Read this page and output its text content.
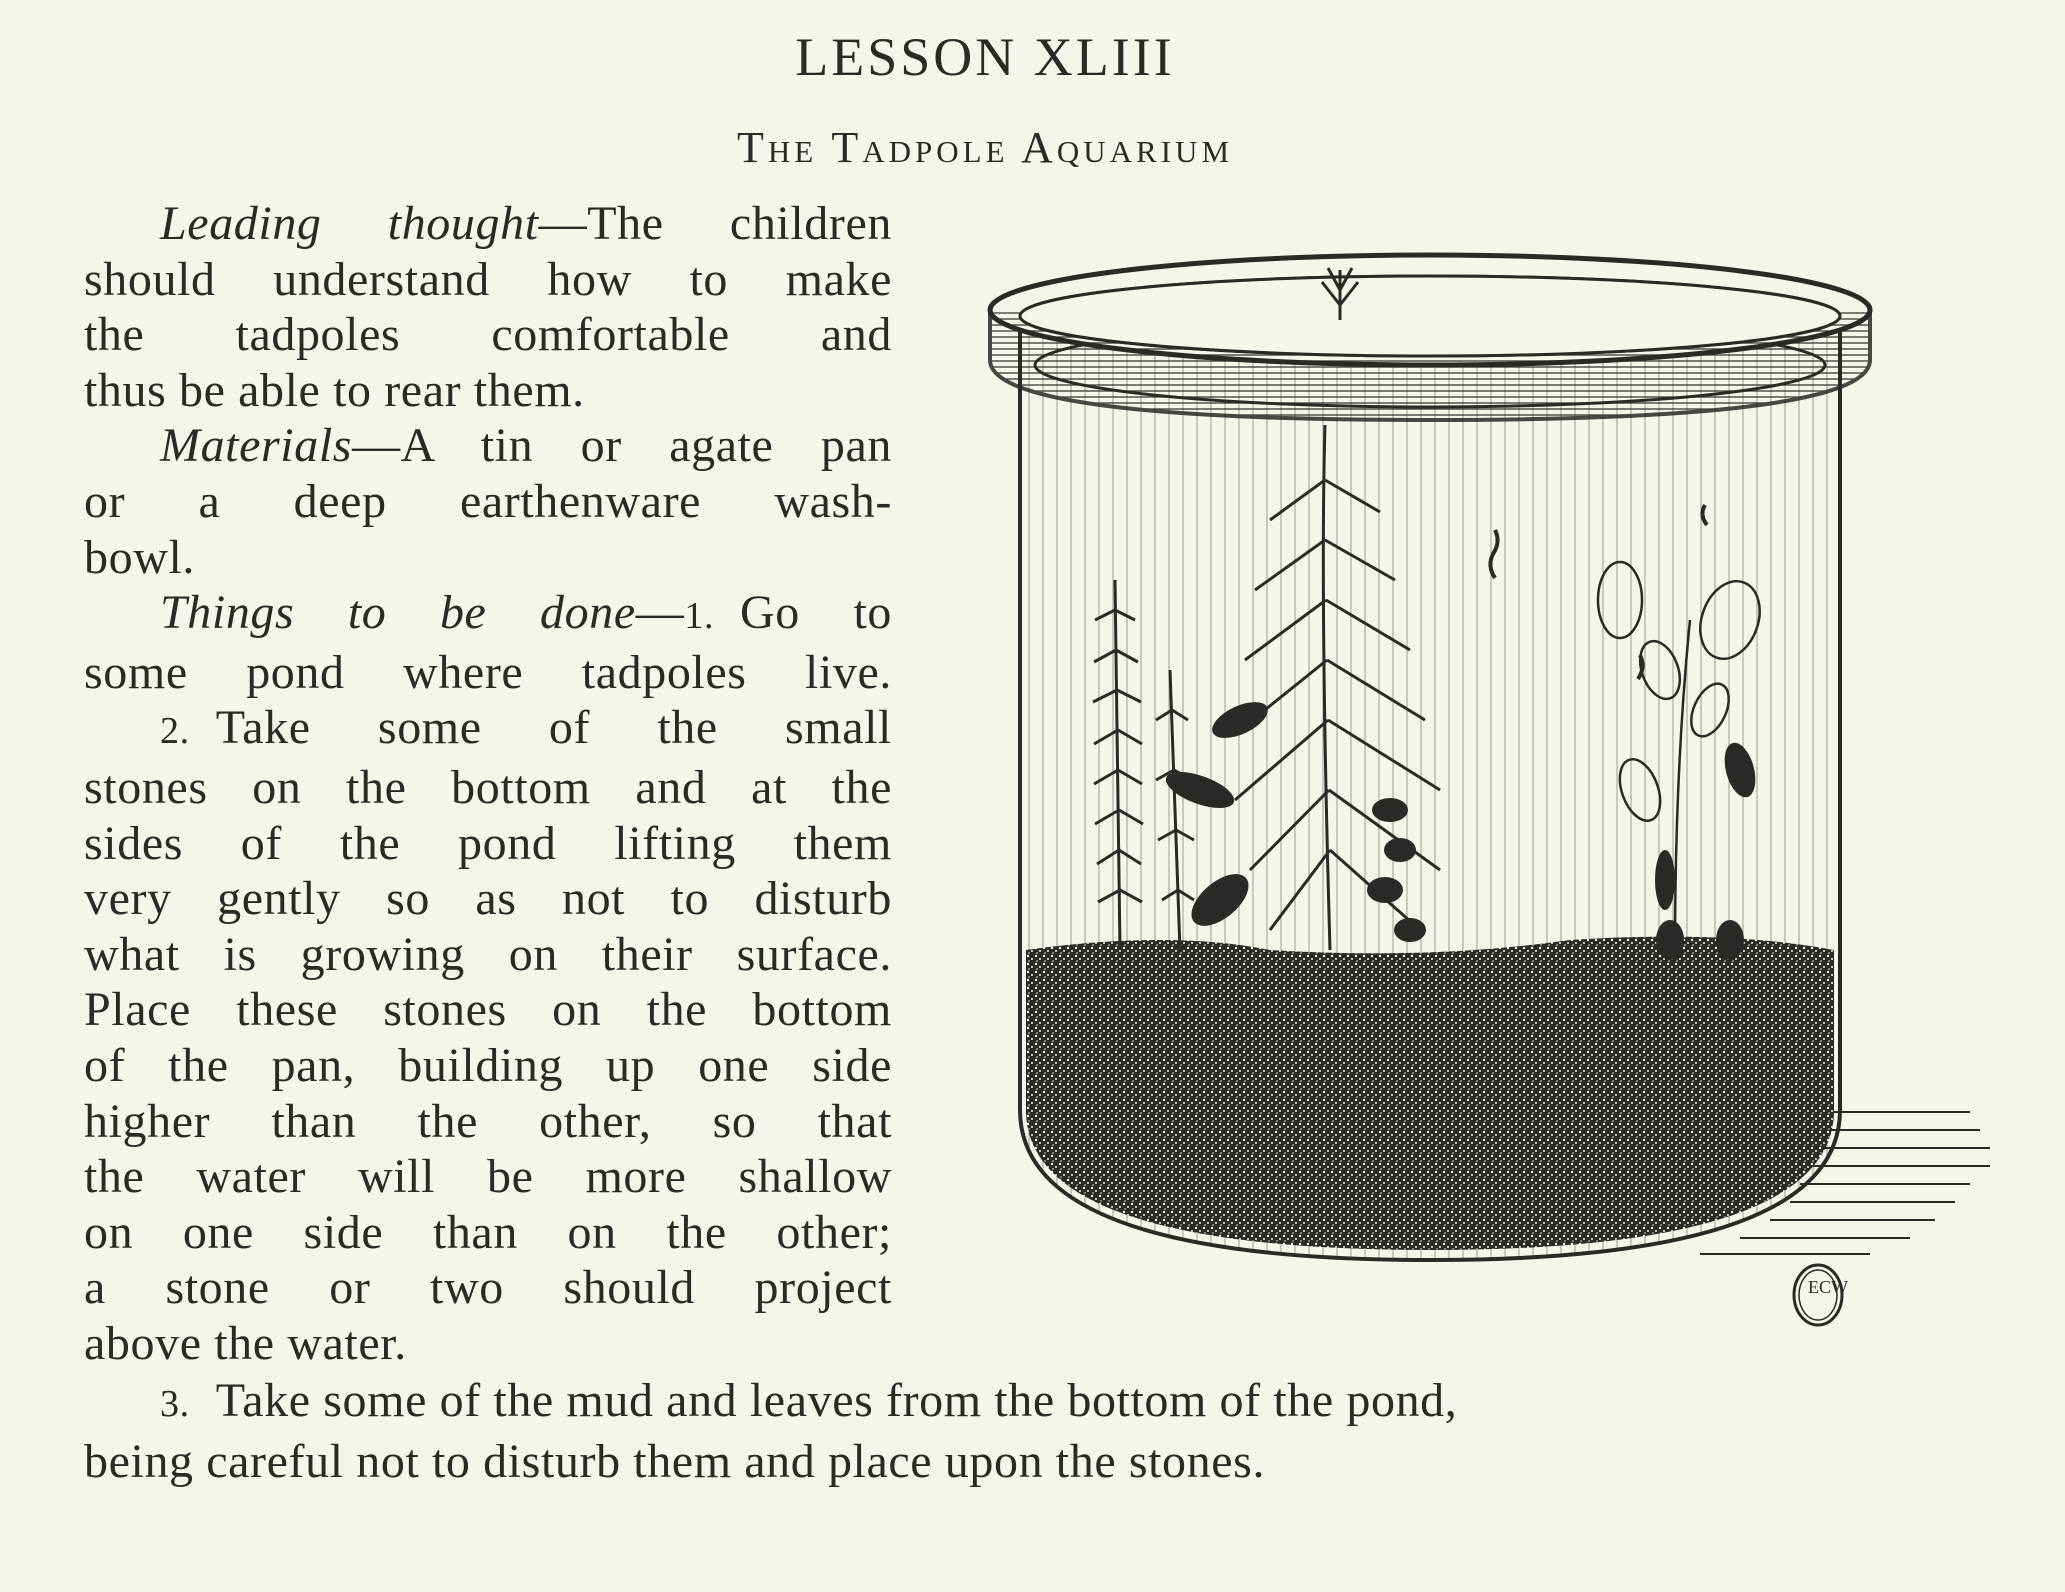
LESSON XLIII
The Tadpole Aquarium
Leading thought—The children
should understand how to make
the tadpoles comfortable and
thus be able to rear them.
Materials—A tin or agate pan
or a deep earthenware wash-
bowl.
Things to be done—1. Go to
some pond where tadpoles live.
2. Take some of the small
stones on the bottom and at the
sides of the pond lifting them
very gently so as not to disturb
what is growing on their surface.
Place these stones on the bottom
of the pan, building up one side
higher than the other, so that
the water will be more shallow
on one side than on the other;
a stone or two should project
above the water.
ECW
3. Take some of the mud and leaves from the bottom of the pond,
being careful not to disturb them and place upon the stones.
